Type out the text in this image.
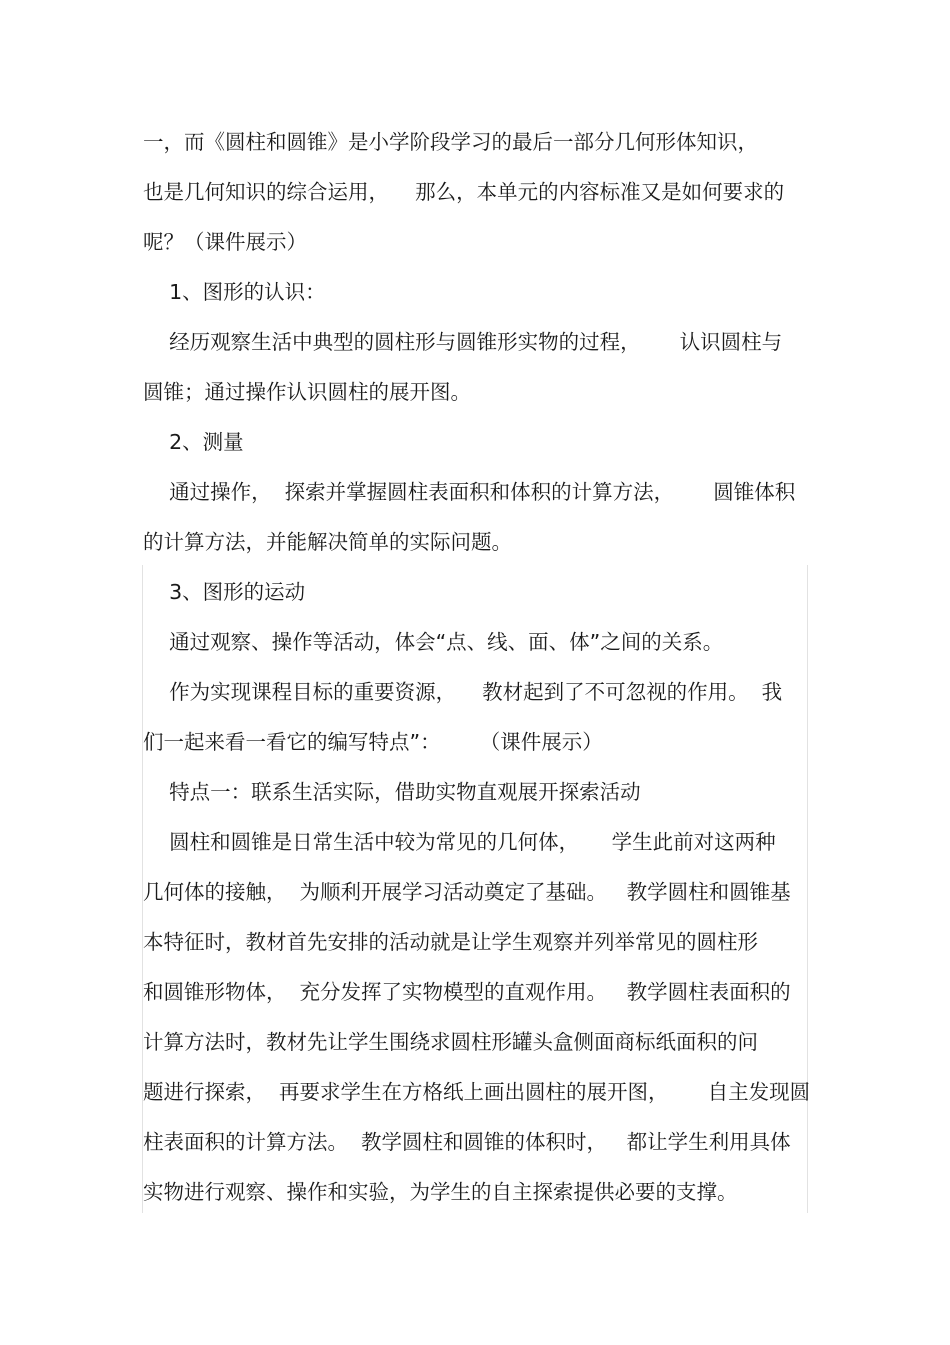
一，而《圆柱和圆锥》是小学阶段学习的最后一部分几何形体知识，
也是几何知识的综合运用，    那么，本单元的内容标准又是如何要求的
呢？（课件展示）
1、图形的认识：
经历观察生活中典型的圆柱形与圆锥形实物的过程，      认识圆柱与
圆锥；通过操作认识圆柱的展开图。
2、测量
通过操作，  探索并掌握圆柱表面积和体积的计算方法，      圆锥体积
的计算方法，并能解决简单的实际问题。
3、图形的运动
通过观察、操作等活动，体会“点、线、面、体”之间的关系。
作为实现课程目标的重要资源，    教材起到了不可忽视的作用。  我
们一起来看一看它的编写特点”：      （课件展示）
特点一：联系生活实际，借助实物直观展开探索活动
圆柱和圆锥是日常生活中较为常见的几何体，     学生此前对这两种
几何体的接触，  为顺利开展学习活动奠定了基础。   教学圆柱和圆锥基
本特征时，教材首先安排的活动就是让学生观察并列举常见的圆柱形
和圆锥形物体，  充分发挥了实物模型的直观作用。   教学圆柱表面积的
计算方法时，教材先让学生围绕求圆柱形罐头盒侧面商标纸面积的问
题进行探索，  再要求学生在方格纸上画出圆柱的展开图，      自主发现圆
柱表面积的计算方法。  教学圆柱和圆锥的体积时，   都让学生利用具体
实物进行观察、操作和实验，为学生的自主探索提供必要的支撑。
